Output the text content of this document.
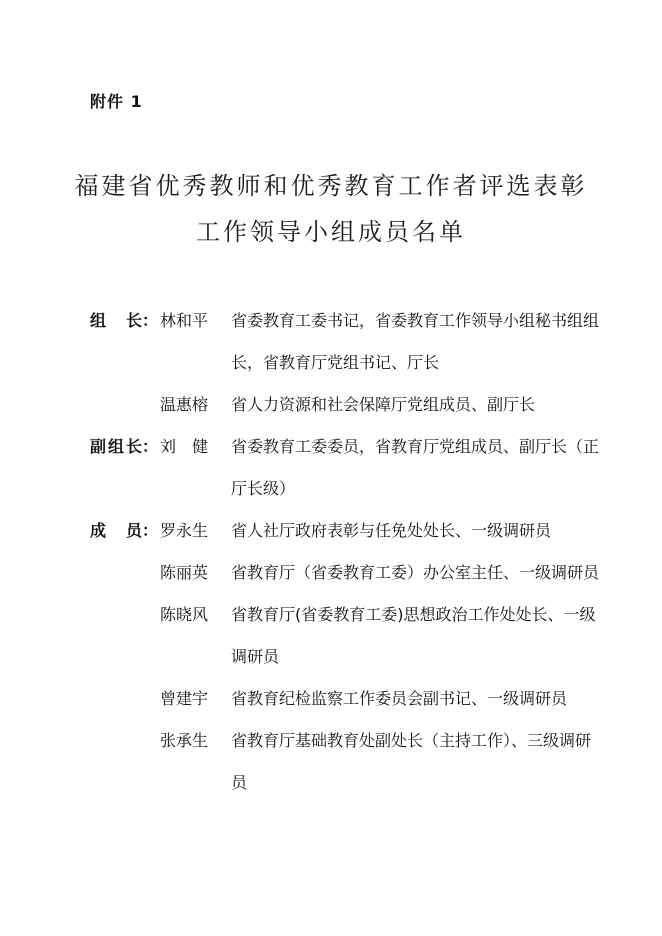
附件 1
福建省优秀教师和优秀教育工作者评选表彰
工作领导小组成员名单
组长： 林和平	省委教育工委书记，省委教育工作领导小组秘书组组长，省教育厅党组书记、厅长
温惠榕	省人力资源和社会保障厅党组成员、副厅长
副组长： 刘　健	省委教育工委委员，省教育厅党组成员、副厅长（正厅长级）
成员： 罗永生	省人社厅政府表彰与任免处处长、一级调研员
陈丽英	省教育厅（省委教育工委）办公室主任、一级调研员
陈晓风	省教育厅(省委教育工委)思想政治工作处处长、一级调研员
曾建宇	省教育纪检监察工作委员会副书记、一级调研员
张承生	省教育厅基础教育处副处长（主持工作）、三级调研员
